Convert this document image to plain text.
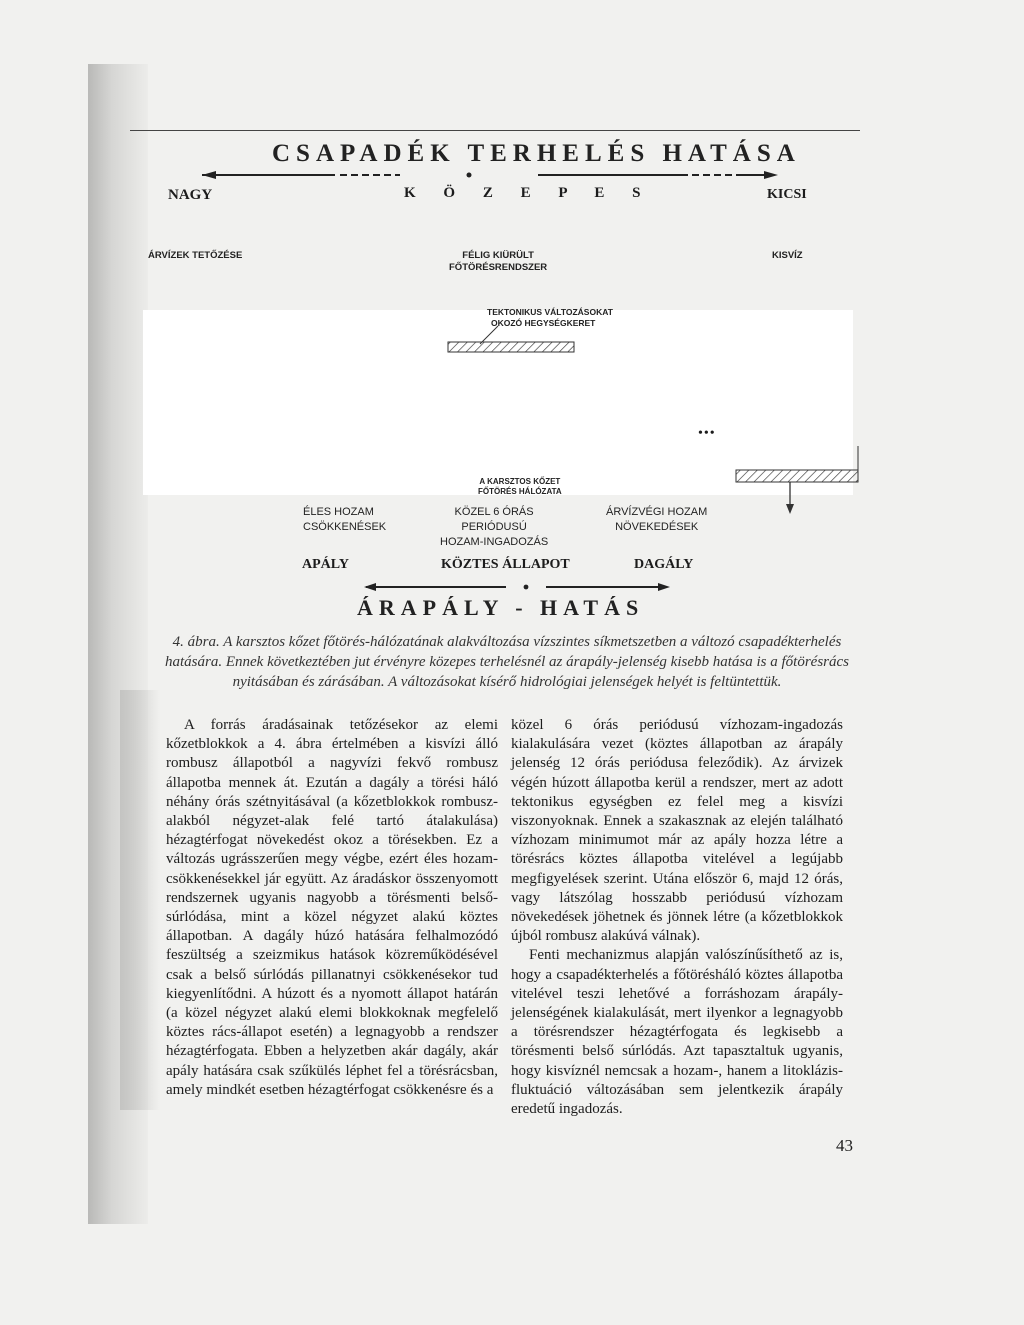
CSAPADÉK TERHELÉS HATÁSA
NAGY	K Ö Z E P E S	KICSI
ÁRVÍZEK TETŐZÉSE	FÉLIG KIÜRÜLT
FŐTÖRÉSRENDSZER
KISVÍZ
TEKTONIKUS VÁLTOZÁSOKAT
OKOZÓ HEGYSÉGKERET
•••
A KARSZTOS KŐZET
FŐTÖRÉS HÁLÓZATA
ÉLES HOZAM
CSÖKKENÉSEK
KÖZEL 6 ÓRÁS
PERIÓDUSÚ
HOZAM-INGADOZÁS
ÁRVÍZVÉGI HOZAM
NÖVEKEDÉSEK
APÁLY	KÖZTES ÁLLAPOT	DAGÁLY
ÁRAPÁLY - HATÁS
4. ábra. A karsztos kőzet főtörés-hálózatának alakváltozása vízszintes síkmetszetben a változó csapadékterhelés hatására. Ennek következtében jut érvényre közepes terhelésnél az árapály-jelenség kisebb hatása is a főtörésrács nyitásában és zárásában. A változásokat kísérő hidrológiai jelenségek helyét is feltüntettük.

A forrás áradásainak tetőzésekor az elemi kőzetblokkok a 4. ábra értelmében a kisvízi álló rombusz állapotból a nagyvízi fekvő rombusz állapotba mennek át. Ezután a dagály a törési háló néhány órás szétnyitásával (a kőzetblokkok rombusz-alakból négyzet-alak felé tartó átalakulása) hézagtérfogat növekedést okoz a törésekben. Ez a változás ugrásszerűen megy végbe, ezért éles hozam-csökkenésekkel jár együtt. Az áradáskor összenyomott rendszernek ugyanis nagyobb a törésmenti belső-súrlódása, mint a közel négyzet alakú köztes állapotban. A dagály húzó hatására felhalmozódó feszültség a szeizmikus hatások közreműködésével csak a belső súrlódás pillanatnyi csökkenésekor tud kiegyenlítődni. A húzott és a nyomott állapot határán (a közel négyzet alakú elemi blokkoknak megfelelő köztes rács-állapot esetén) a legnagyobb a rendszer hézagtérfogata. Ebben a helyzetben akár dagály, akár apály hatására csak szűkülés léphet fel a törésrácsban, amely mindkét esetben hézagtérfogat csökkenésre és a

közel 6 órás periódusú vízhozam-ingadozás kialakulására vezet (köztes állapotban az árapály jelenség 12 órás periódusa feleződik). Az árvizek végén húzott állapotba kerül a rendszer, mert az adott tektonikus egységben ez felel meg a kisvízi viszonyoknak. Ennek a szakasznak az elején található vízhozam minimumot már az apály hozza létre a törésrács köztes állapotba vitelével a legújabb megfigyelések szerint. Utána először 6, majd 12 órás, vagy látszólag hosszabb periódusú vízhozam növekedések jöhetnek és jönnek létre (a kőzetblokkok újból rombusz alakúvá válnak).

Fenti mechanizmus alapján valószínűsíthető az is, hogy a csapadékterhelés a főtörésháló köztes állapotba vitelével teszi lehetővé a forráshozam árapály-jelenségének kialakulását, mert ilyenkor a legnagyobb a törésrendszer hézagtérfogata és legkisebb a törésmenti belső súrlódás. Azt tapasztaltuk ugyanis, hogy kisvíznél nemcsak a hozam-, hanem a litoklázis-fluktuáció változásában sem jelentkezik árapály eredetű ingadozás.

43
